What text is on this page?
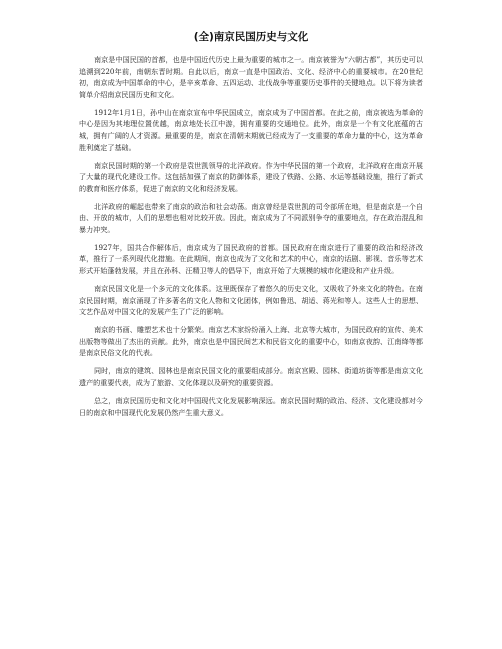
(全)南京民国历史与文化

南京是中国民国的首都，也是中国近代历史上最为重要的城市之一。南京被誉为“六朝古都”，其历史可以追溯到220年前，南朝东晋时期。自此以后，南京一直是中国政治、文化、经济中心的重要城市。在20世纪初，南京成为中国革命的中心，是辛亥革命、五四运动、北伐战争等重要历史事件的关键地点。以下将为读者简单介绍南京民国历史和文化。

1912年1月1日，孙中山在南京宣布中华民国成立，南京成为了中国首都。在此之前，南京被选为革命的中心是因为其地理位置优越，南京地处长江中游，拥有重要的交通地位。此外，南京是一个有文化底蕴的古城，拥有广阔的人才资源。最重要的是，南京在清朝末期就已经成为了一支重要的革命力量的中心，这为革命胜利奠定了基础。

南京民国时期的第一个政府是袁世凯领导的北洋政府。作为中华民国的第一个政府，北洋政府在南京开展了大量的现代化建设工作。这包括加强了南京的防御体系，建设了铁路、公路、水运等基础设施，推行了新式的教育和医疗体系，促进了南京的文化和经济发展。

北洋政府的崛起也带来了南京的政治和社会动荡。南京曾经是袁世凯的司令部所在地，但是南京是一个自由、开放的城市，人们的思想也相对比较开放。因此，南京成为了不同派别争夺的重要地点，存在政治混乱和暴力冲突。

1927年，国共合作解体后，南京成为了国民政府的首都。国民政府在南京进行了重要的政治和经济改革，推行了一系列现代化措施。在此期间，南京也成为了文化和艺术的中心，南京的话剧、影视、音乐等艺术形式开始蓬勃发展，并且在孙科、汪精卫等人的倡导下，南京开始了大规模的城市化建设和产业升级。

南京民国文化是一个多元的文化体系。这里既保存了着悠久的历史文化，又吸收了外来文化的特色。在南京民国时期，南京涌现了许多著名的文化人物和文化团体，例如鲁迅、胡适、蒋光和等人。这些人士的思想、文艺作品对中国文化的发展产生了广泛的影响。

南京的书画、雕塑艺术也十分繁荣。南京艺术家纷纷涌入上海、北京等大城市，为国民政府的宣传、美术出版物等做出了杰出的贡献。此外，南京也是中国民间艺术和民俗文化的重要中心，如南京夜韵、江南绛等都是南京民俗文化的代表。

同时，南京的建筑、园林也是南京民国文化的重要组成部分。南京宫殿、园林、街道坊街等都是南京文化遗产的重要代表，成为了旅游、文化体现以及研究的重要资源。

总之，南京民国历史和文化对中国现代文化发展影响深远。南京民国时期的政治、经济、文化建设都对今日的南京和中国现代化发展仍然产生重大意义。
